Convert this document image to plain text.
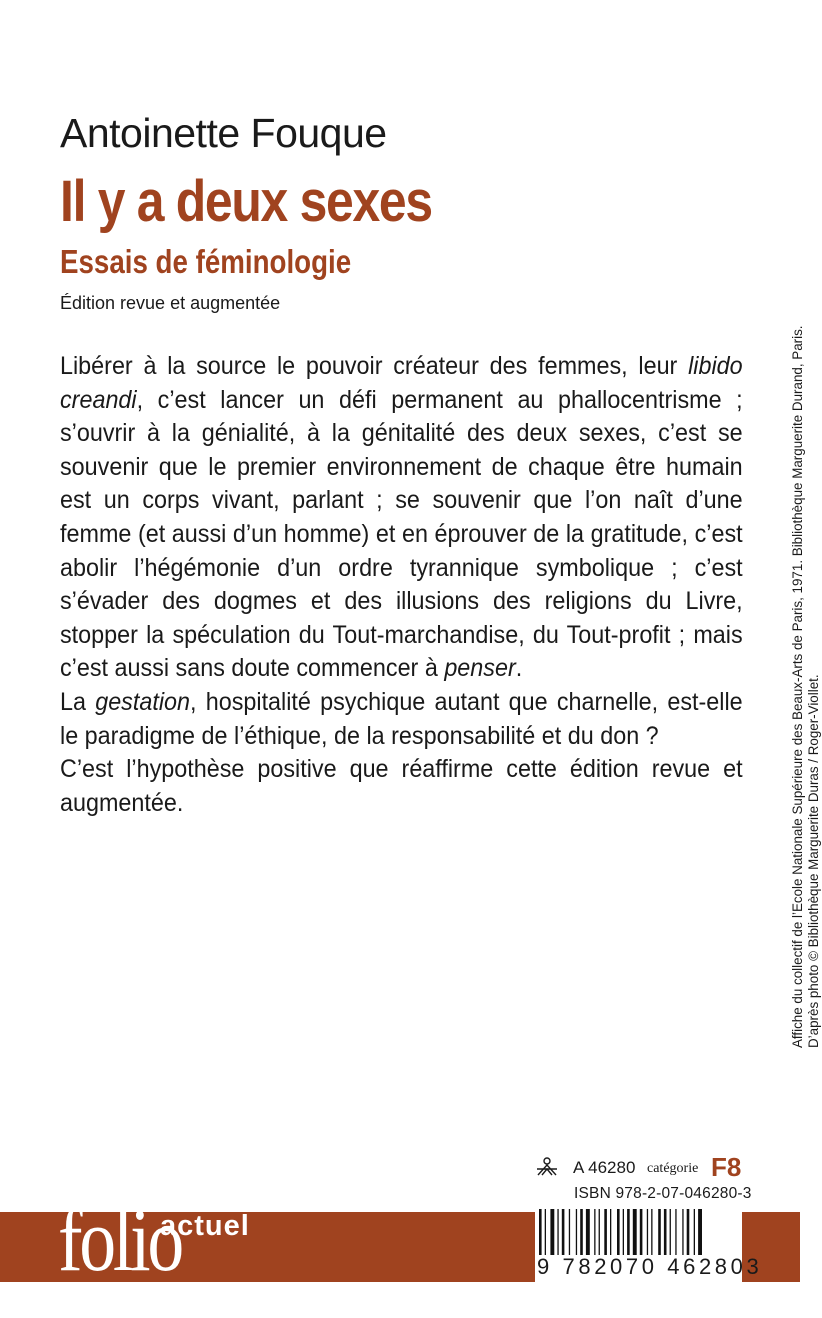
Antoinette Fouque
Il y a deux sexes
Essais de féminologie
Édition revue et augmentée

Libérer à la source le pouvoir créateur des femmes, leur libido creandi, c’est lancer un défi permanent au phallocentrisme ; s’ouvrir à la génialité, à la génitalité des deux sexes, c’est se souvenir que le premier environnement de chaque être humain est un corps vivant, parlant ; se souvenir que l’on naît d’une femme (et aussi d’un homme) et en éprouver de la gratitude, c’est abolir l’hégémonie d’un ordre tyrannique symbolique ; c’est s’évader des dogmes et des illusions des religions du Livre, stopper la spéculation du Tout-marchandise, du Tout-profit ; mais c’est aussi sans doute commencer à penser.

La gestation, hospitalité psychique autant que charnelle, est-elle le paradigme de l’éthique, de la responsabilité et du don ?

C’est l’hypothèse positive que réaffirme cette édition revue et augmentée.	Affiche du collectif de l’Ecole Nationale Supérieure des Beaux-Arts de Paris, 1971. Bibliothèque Marguerite Durand, Paris. D’après photo © Bibliothèque Marguerite Duras / Roger-Viollet.
A 46280 catégorie F8
ISBN 978-2-07-046280-3
folio
actuel
9 782070 462803
